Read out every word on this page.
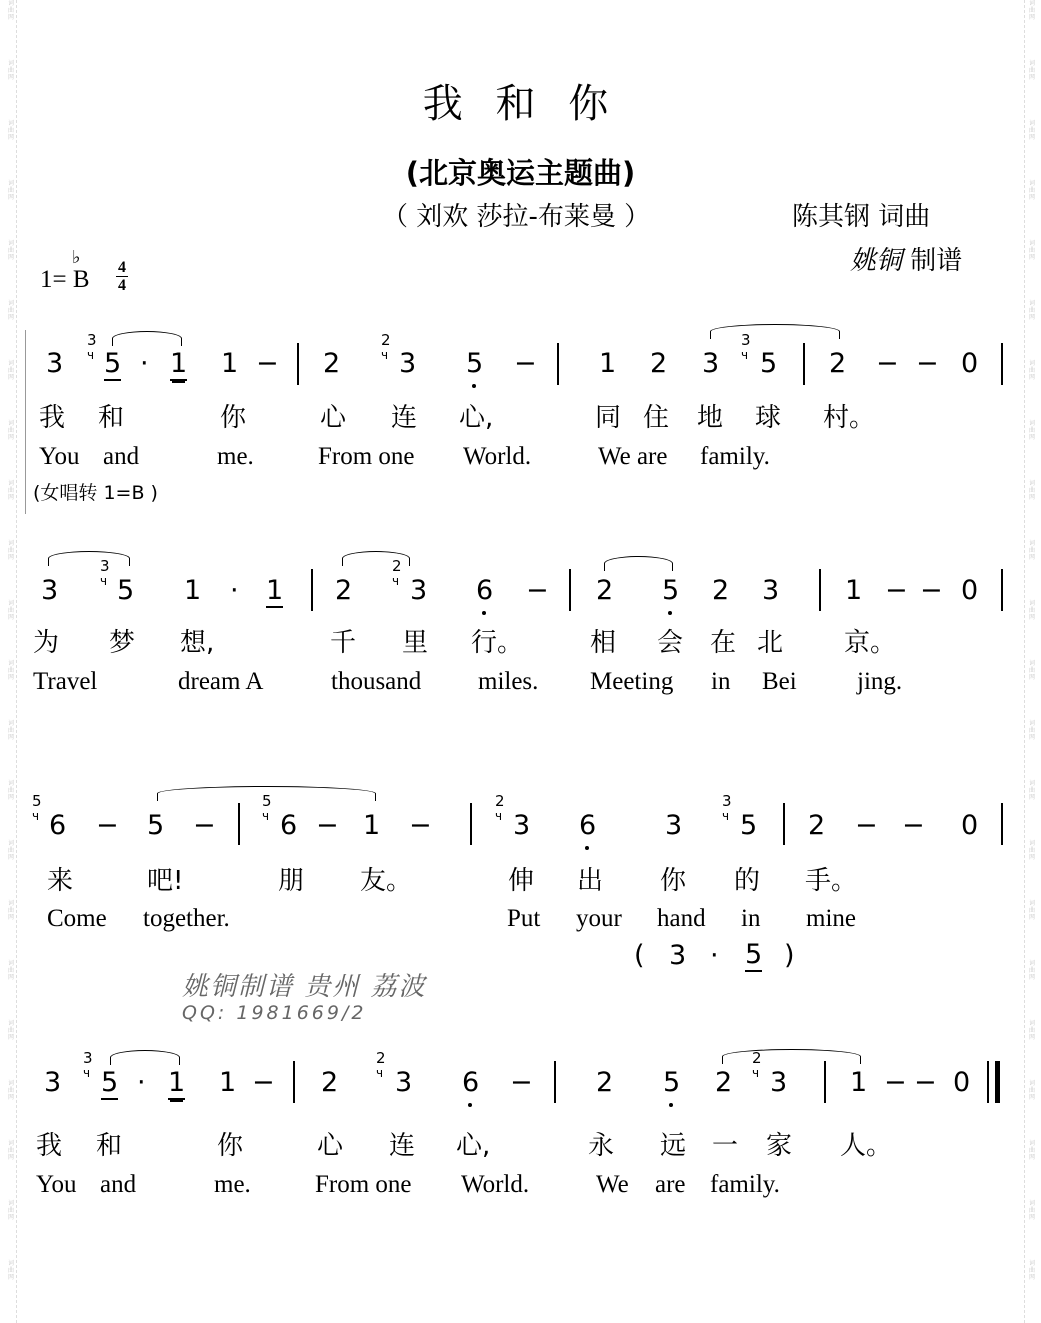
词
曲
网
词
曲
网
词
曲
网
词
曲
网
词
曲
网
词
曲
网
词
曲
网
词
曲
网
词
曲
网
词
曲
网
词
曲
网
词
曲
网
词
曲
网
词
曲
网
词
曲
网
词
曲
网
词
曲
网
词
曲
网
词
曲
网
词
曲
网
词
曲
网
词
曲
网
词
曲
网
词
曲
网
词
曲
网
词
曲
网
词
曲
网
词
曲
网
词
曲
网
词
曲
网
词
曲
网
词
曲
网
词
曲
网
词
曲
网
词
曲
网
词
曲
网
词
曲
网
词
曲
网
词
曲
网
词
曲
网
词
曲
网
词
曲
网
词
曲
网
词
曲
网
我 和 你
(北京奥运主题曲)
（ 刘欢 莎拉-布莱曼 ）	陈其钢 词曲
姚铜 制谱
1= B
♭ 4
4
3
3
ч 5 · 1 1 − 2
2
ч 3 5 − 1 2 3
3
ч 5 2 − − 0
我 和	你	心 连 心,	同 住 地 球 村。
You and	me.	From one World.	We are family.
(女唱转 1=B )
3
3
ч 5 1 · 1 2
2
ч 3 6 − 2 5 2 3 1 − − 0
为 梦 想,	千 里 行。	相 会 在 北 京。
Travel	dream A	thousand miles. Meeting in Bei jing.
5
ч 6 − 5 −
5
ч 6 − 1 −
2
ч 3 6	3
3
ч 5 2 − − 0
来	吧!	朋 友。	伸 出 你 的 手。
Come together.	Put your hand in mine
( 3 · 5 )
姚铜制谱 贵州 荔波
QQ: 1981669/2
3
3
ч 5 · 1 1 − 2
2
ч 3 6 − 2 5 2
2
ч 3 1 − − 0
我 和	你	心 连 心,	永 远 一 家 人。
You and	me.	From one World.	We are family.
